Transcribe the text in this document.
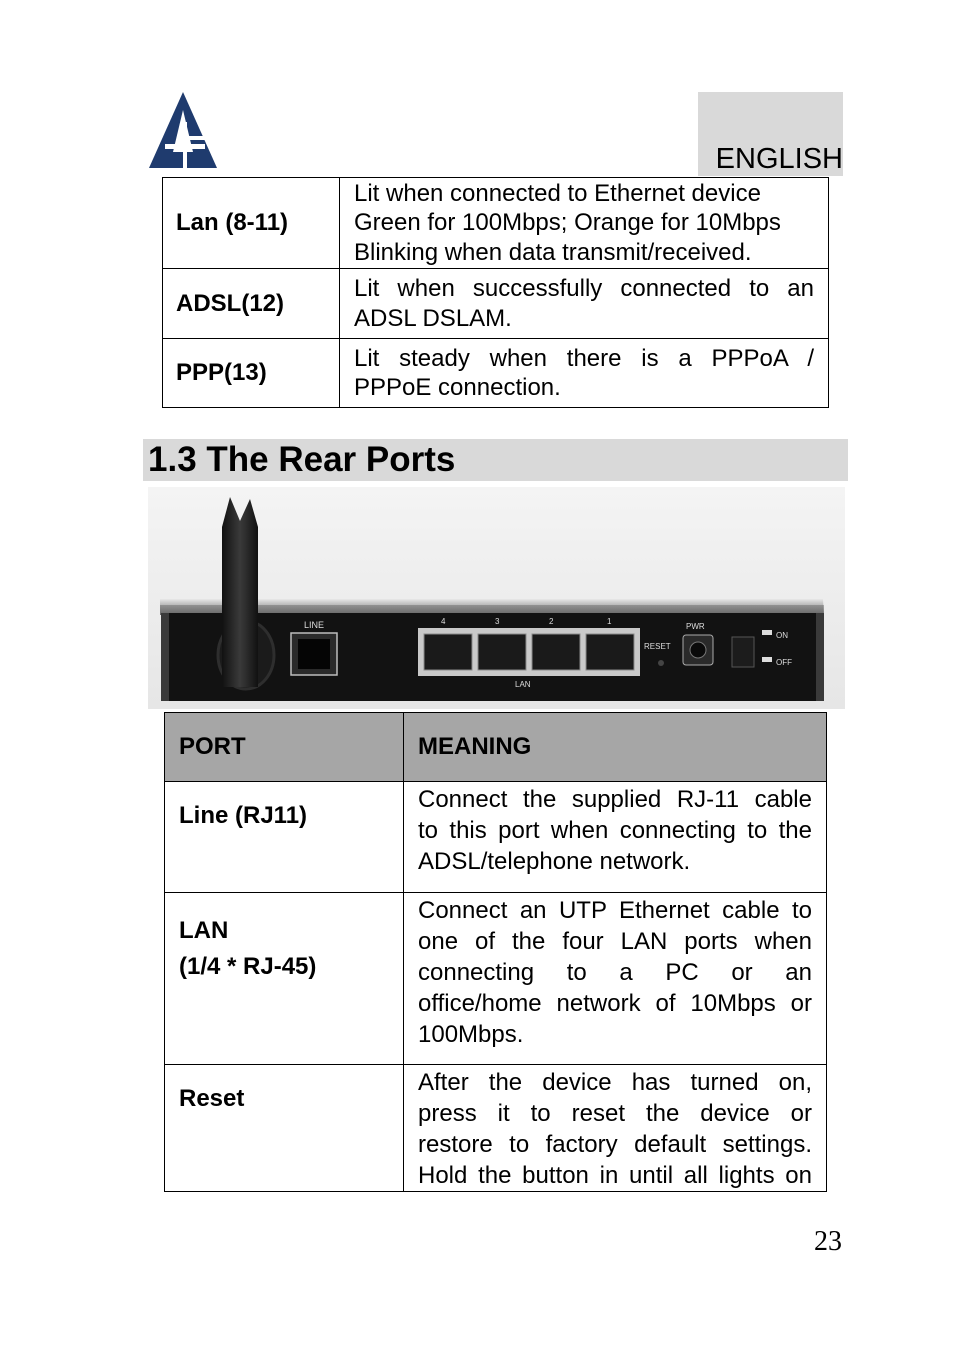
ENGLISH
Lan (8-11)	Lit when connected to Ethernet device
Green for 100Mbps; Orange for 10Mbps
Blinking when data transmit/received.

ADSL(12)	Lit when successfully connected to an
ADSL DSLAM.

PPP(13)	Lit steady when there is a PPPoA /
PPPoE connection.
1.3 The Rear Ports
LINE	4	3	2	1
LAN
RESET
PWR
ON
OFF
PORT	MEANING

Line (RJ11)	Connect the supplied RJ-11 cable
to this port when connecting to the
ADSL/telephone network.

LAN
(1/4 * RJ-45)	Connect an UTP Ethernet cable to
one of the four LAN ports when
connecting to a PC or an
office/home network of 10Mbps or
100Mbps.

Reset	After the device has turned on,
press it to reset the device or
restore to factory default settings.
Hold the button in until all lights on
23
